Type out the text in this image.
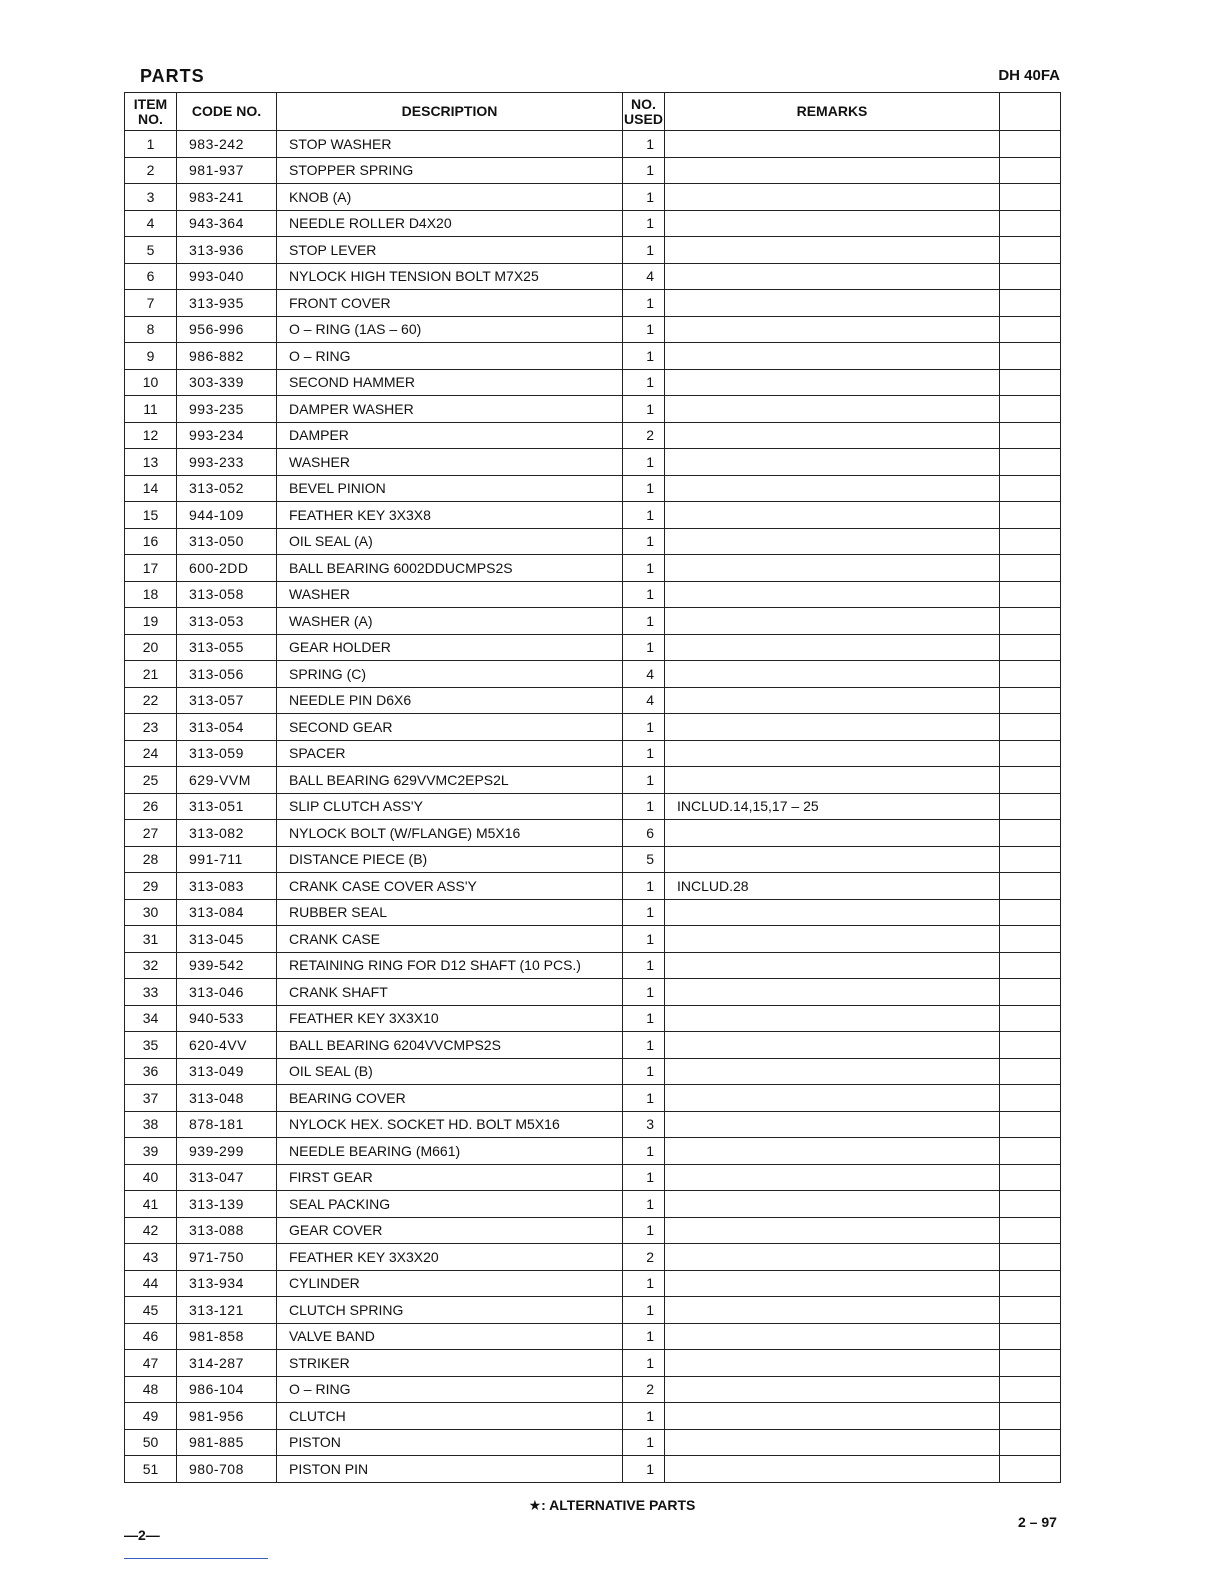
PARTS	DH 40FA
ITEM
NO.	CODE NO.	DESCRIPTION	NO.
USED	REMARKS	
1	983-242	STOP WASHER	1		
2	981-937	STOPPER SPRING	1		
3	983-241	KNOB (A)	1		
4	943-364	NEEDLE ROLLER D4X20	1		
5	313-936	STOP LEVER	1		
6	993-040	NYLOCK HIGH TENSION BOLT M7X25	4		
7	313-935	FRONT COVER	1		
8	956-996	O – RING (1AS – 60)	1		
9	986-882	O – RING	1		
10	303-339	SECOND HAMMER	1		
11	993-235	DAMPER WASHER	1		
12	993-234	DAMPER	2		
13	993-233	WASHER	1		
14	313-052	BEVEL PINION	1		
15	944-109	FEATHER KEY 3X3X8	1		
16	313-050	OIL SEAL (A)	1		
17	600-2DD	BALL BEARING 6002DDUCMPS2S	1		
18	313-058	WASHER	1		
19	313-053	WASHER (A)	1		
20	313-055	GEAR HOLDER	1		
21	313-056	SPRING (C)	4		
22	313-057	NEEDLE PIN D6X6	4		
23	313-054	SECOND GEAR	1		
24	313-059	SPACER	1		
25	629-VVM	BALL BEARING 629VVMC2EPS2L	1		
26	313-051	SLIP CLUTCH ASS'Y	1	INCLUD.14,15,17 – 25	
27	313-082	NYLOCK BOLT (W/FLANGE) M5X16	6		
28	991-711	DISTANCE PIECE (B)	5		
29	313-083	CRANK CASE COVER ASS'Y	1	INCLUD.28	
30	313-084	RUBBER SEAL	1		
31	313-045	CRANK CASE	1		
32	939-542	RETAINING RING FOR D12 SHAFT (10 PCS.)	1		
33	313-046	CRANK SHAFT	1		
34	940-533	FEATHER KEY 3X3X10	1		
35	620-4VV	BALL BEARING 6204VVCMPS2S	1		
36	313-049	OIL SEAL (B)	1		
37	313-048	BEARING COVER	1		
38	878-181	NYLOCK HEX. SOCKET HD. BOLT M5X16	3		
39	939-299	NEEDLE BEARING (M661)	1		
40	313-047	FIRST GEAR	1		
41	313-139	SEAL PACKING	1		
42	313-088	GEAR COVER	1		
43	971-750	FEATHER KEY 3X3X20	2		
44	313-934	CYLINDER	1		
45	313-121	CLUTCH SPRING	1		
46	981-858	VALVE BAND	1		
47	314-287	STRIKER	1		
48	986-104	O – RING	2		
49	981-956	CLUTCH	1		
50	981-885	PISTON	1		
51	980-708	PISTON PIN	1		
★: ALTERNATIVE PARTS
—2—
2 – 97
